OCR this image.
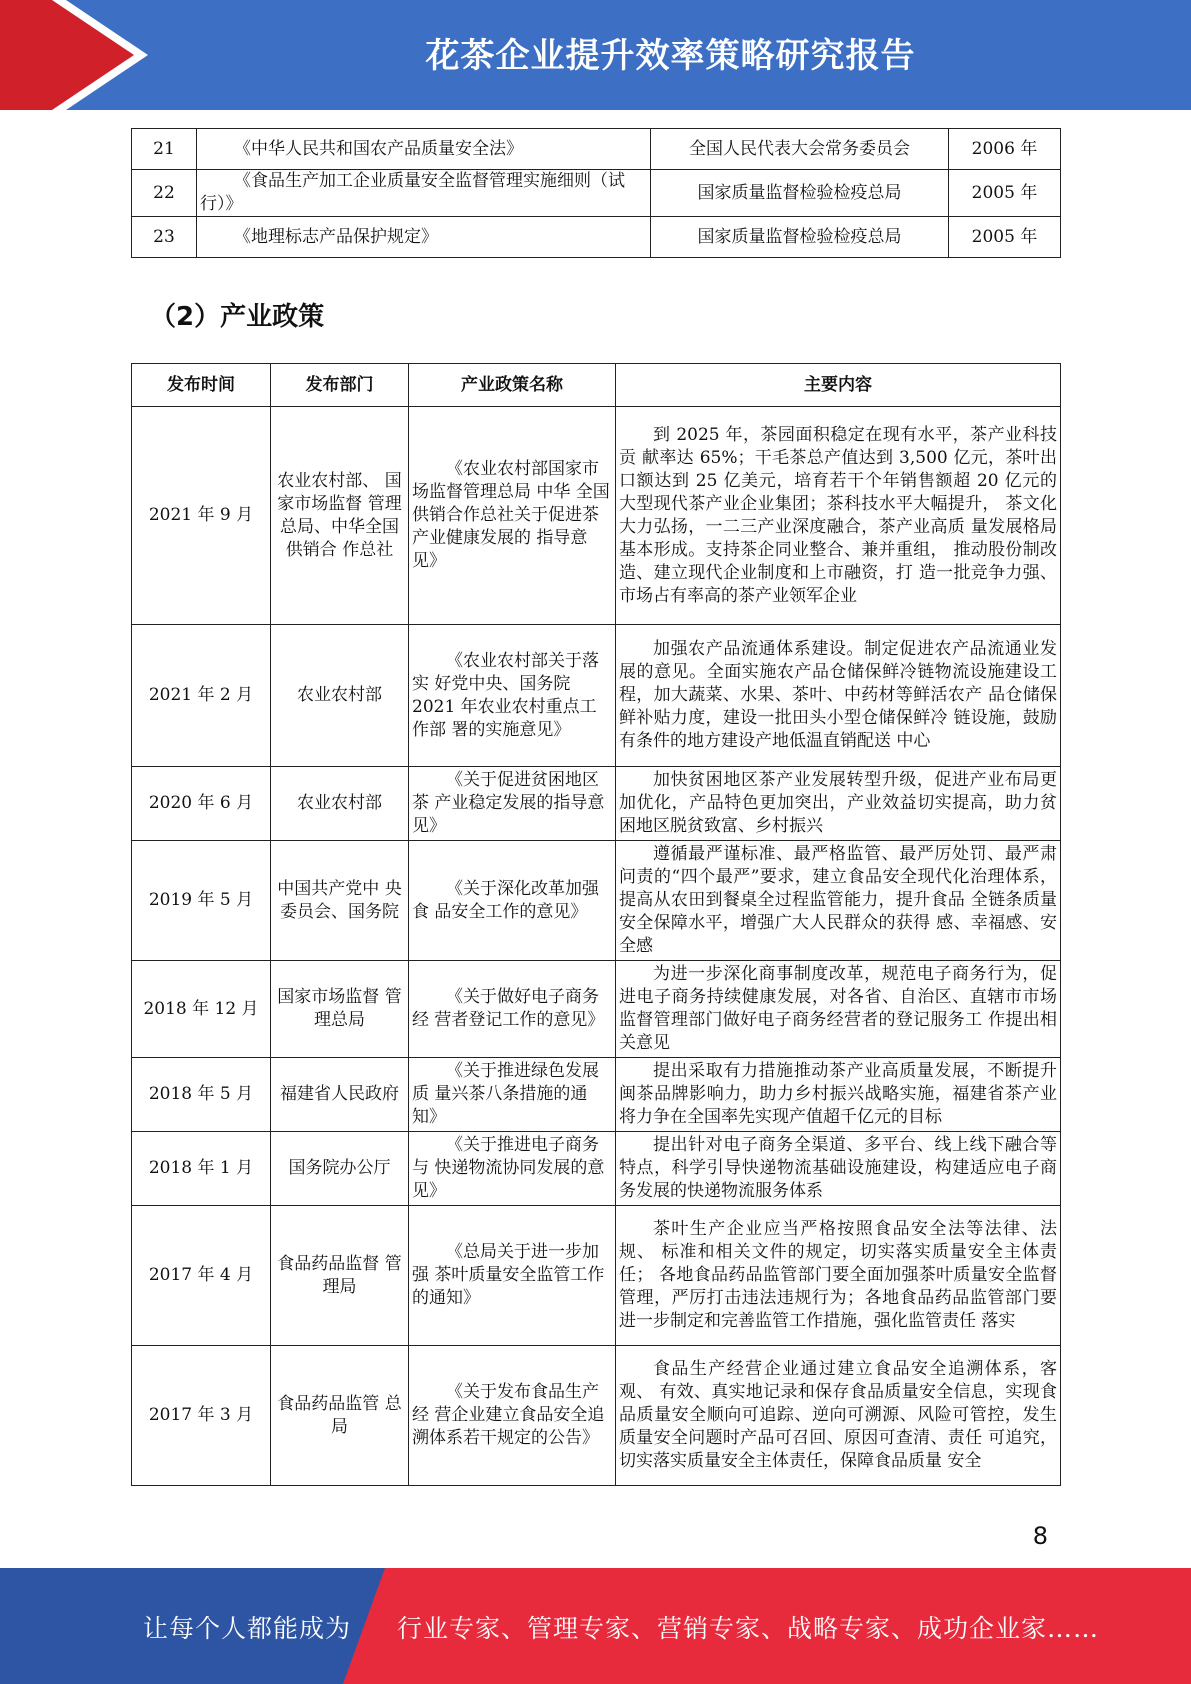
花茶企业提升效率策略研究报告
21	《中华人民共和国农产品质量安全法》	全国人民代表大会常务委员会	2006 年
22	《食品生产加工企业质量安全监督管理实施细则（试行）》	国家质量监督检验检疫总局	2005 年
23	《地理标志产品保护规定》	国家质量监督检验检疫总局	2005 年
（2）产业政策
发布时间	发布部门	产业政策名称	主要内容
2021 年 9 月	农业农村部、 国家市场监督 管理总局、中华全国供销合 作总社	《农业农村部国家市场监督管理总局 中华 全国供销合作总社关于促进茶产业健康发展的 指导意见》	到 2025 年，茶园面积稳定在现有水平，茶产业科技贡 献率达 65%；干毛茶总产值达到 3,500 亿元，茶叶出口额达到 25 亿美元，培育若干个年销售额超 20 亿元的大型现代茶产业企业集团；茶科技水平大幅提升， 茶文化大力弘扬，一二三产业深度融合，茶产业高质 量发展格局基本形成。支持茶企同业整合、兼并重组， 推动股份制改造、建立现代企业制度和上市融资，打 造一批竞争力强、市场占有率高的茶产业领军企业
2021 年 2 月	农业农村部	《农业农村部关于落实 好党中央、国务院 2021 年农业农村重点工作部 署的实施意见》	加强农产品流通体系建设。制定促进农产品流通业发 展的意见。全面实施农产品仓储保鲜冷链物流设施建设工程，加大蔬菜、水果、茶叶、中药材等鲜活农产 品仓储保鲜补贴力度，建设一批田头小型仓储保鲜冷 链设施，鼓励有条件的地方建设产地低温直销配送 中心
2020 年 6 月	农业农村部	《关于促进贫困地区茶 产业稳定发展的指导意 见》	加快贫困地区茶产业发展转型升级，促进产业布局更 加优化，产品特色更加突出，产业效益切实提高，助力贫困地区脱贫致富、乡村振兴
2019 年 5 月	中国共产党中 央委员会、国务院	《关于深化改革加强食 品安全工作的意见》	遵循最严谨标准、最严格监管、最严厉处罚、最严肃 问责的“四个最严”要求，建立食品安全现代化治理体系，提高从农田到餐桌全过程监管能力，提升食品 全链条质量安全保障水平，增强广大人民群众的获得 感、幸福感、安全感
2018 年 12 月	国家市场监督 管理总局	《关于做好电子商务经 营者登记工作的意见》	为进一步深化商事制度改革，规范电子商务行为，促 进电子商务持续健康发展，对各省、自治区、直辖市市场监督管理部门做好电子商务经营者的登记服务工 作提出相关意见
2018 年 5 月	福建省人民政府	《关于推进绿色发展质 量兴茶八条措施的通知》	提出采取有力措施推动茶产业高质量发展，不断提升 闽茶品牌影响力，助力乡村振兴战略实施，福建省茶产业将力争在全国率先实现产值超千亿元的目标
2018 年 1 月	国务院办公厅	《关于推进电子商务与 快递物流协同发展的意 见》	提出针对电子商务全渠道、多平台、线上线下融合等 特点，科学引导快递物流基础设施建设，构建适应电子商务发展的快递物流服务体系
2017 年 4 月	食品药品监督 管理局	《总局关于进一步加强 茶叶质量安全监管工作 的通知》	茶叶生产企业应当严格按照食品安全法等法律、法规、 标准和相关文件的规定，切实落实质量安全主体责任； 各地食品药品监管部门要全面加强茶叶质量安全监督 管理，严厉打击违法违规行为；各地食品药品监管部门要进一步制定和完善监管工作措施，强化监管责任 落实
2017 年 3 月	食品药品监管 总局	《关于发布食品生产经 营企业建立食品安全追 溯体系若干规定的公告》	食品生产经营企业通过建立食品安全追溯体系，客观、 有效、真实地记录和保存食品质量安全信息，实现食 品质量安全顺向可追踪、逆向可溯源、风险可管控，发生质量安全问题时产品可召回、原因可查清、责任 可追究，切实落实质量安全主体责任，保障食品质量 安全
8
让每个人都能成为 行业专家、管理专家、营销专家、战略专家、成功企业家……
